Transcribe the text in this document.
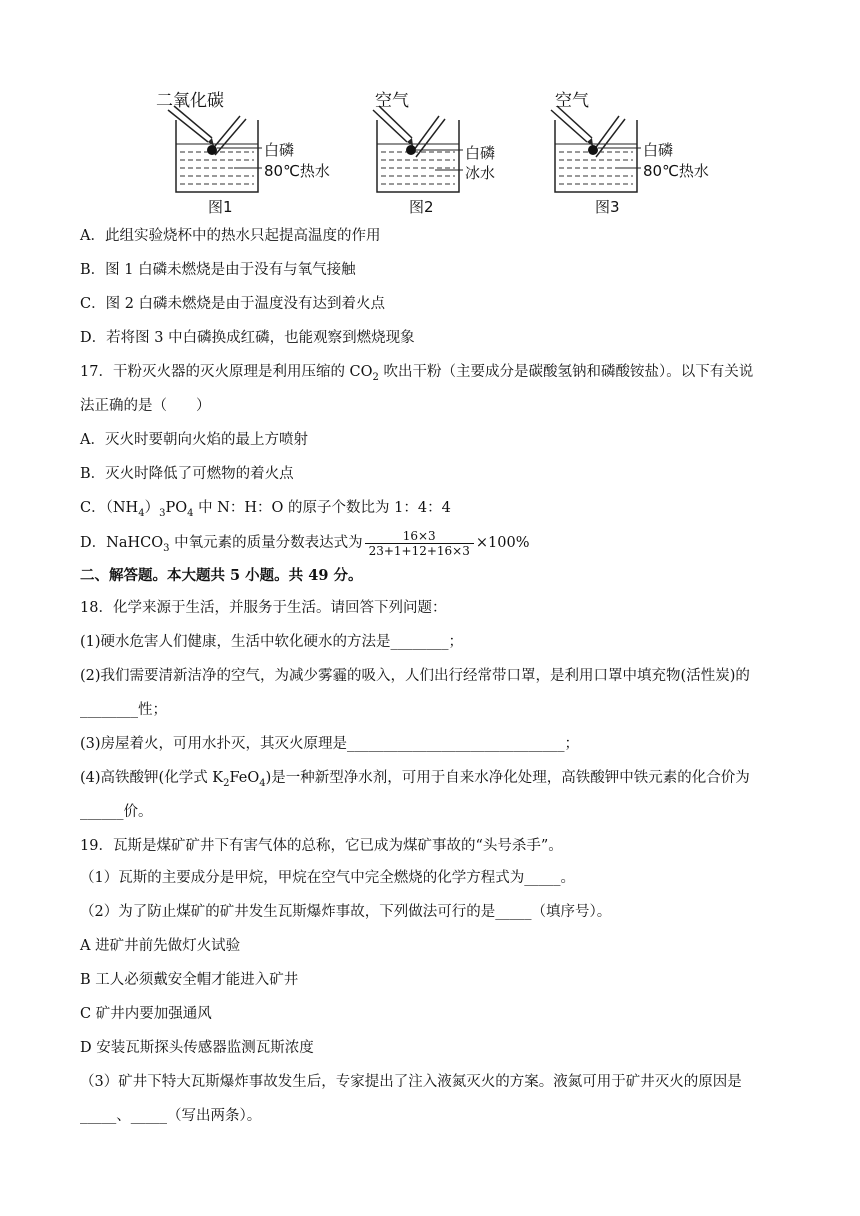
二氧化碳
白磷
80℃热水
图1
空气
白磷
冰水
图2
空气
白磷
80℃热水
图3
A．此组实验烧杯中的热水只起提高温度的作用
B．图 1 白磷未燃烧是由于没有与氧气接触
C．图 2 白磷未燃烧是由于温度没有达到着火点
D．若将图 3 中白磷换成红磷，也能观察到燃烧现象
17．干粉灭火器的灭火原理是利用压缩的 $CO_2$ 吹出干粉（主要成分是碳酸氢钠和磷酸铵盐）。以下有关说
法正确的是（　　）
A．灭火时要朝向火焰的最上方喷射
B．灭火时降低了可燃物的着火点
C．$(NH_4)_3PO_4$ 中 N：H：O 的原子个数比为 1：4：4
D．NaHCO$_3$ 中氧元素的质量分数表达式为 $\frac{16\times 3}{23+1+12+16\times 3} \times 100\%$
二、解答题。本大题共 5 小题。共 49 分。
18．化学来源于生活，并服务于生活。请回答下列问题：
(1)硬水危害人们健康，生活中软化硬水的方法是________；
(2)我们需要清新洁净的空气，为减少雾霾的吸入，人们出行经常带口罩，是利用口罩中填充物(活性炭)的
________性；
(3)房屋着火，可用水扑灭，其灭火原理是______________________________；
(4)高铁酸钾(化学式 $K_2FeO_4$)是一种新型净水剂，可用于自来水净化处理，高铁酸钾中铁元素的化合价为
______价。
19．瓦斯是煤矿矿井下有害气体的总称，它已成为煤矿事故的“头号杀手”。
（1）瓦斯的主要成分是甲烷，甲烷在空气中完全燃烧的化学方程式为_____。
（2）为了防止煤矿的矿井发生瓦斯爆炸事故，下列做法可行的是_____（填序号）。
A 进矿井前先做灯火试验
B 工人必须戴安全帽才能进入矿井
C 矿井内要加强通风
D 安装瓦斯探头传感器监测瓦斯浓度
（3）矿井下特大瓦斯爆炸事故发生后，专家提出了注入液氮灭火的方案。液氮可用于矿井灭火的原因是
_____、_____（写出两条）。
